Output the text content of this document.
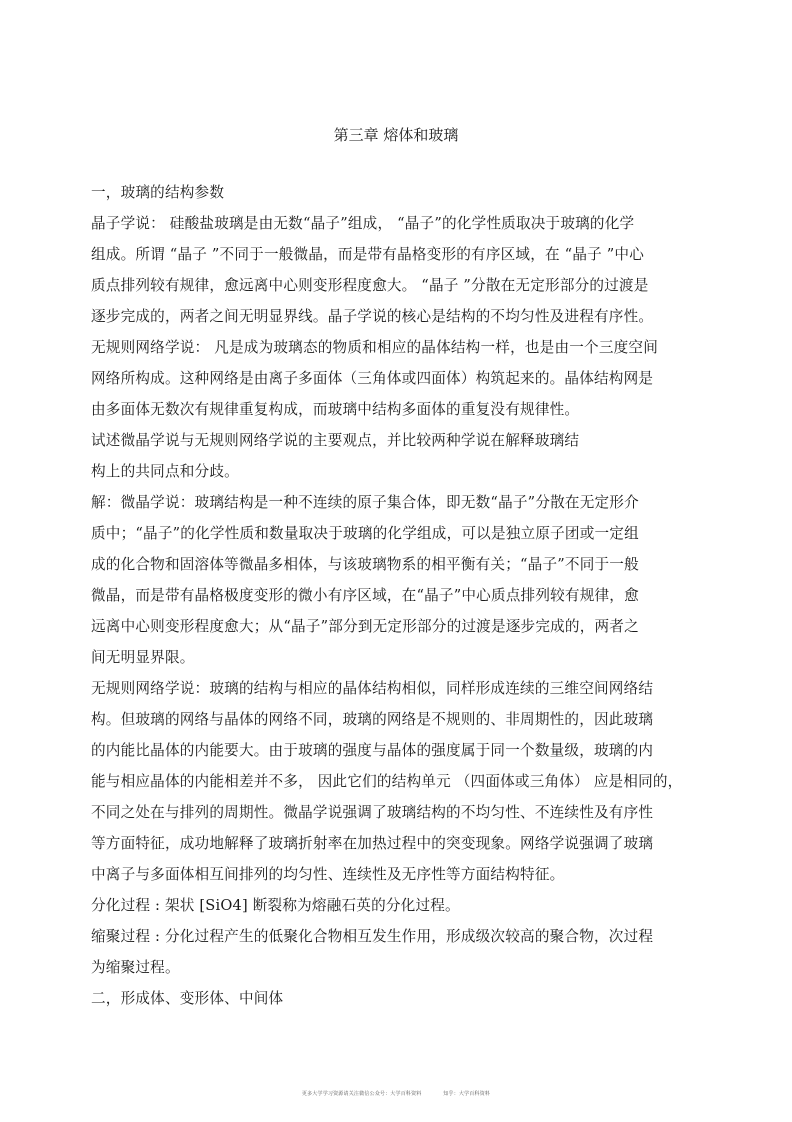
第三章 熔体和玻璃
一，玻璃的结构参数
晶子学说： 硅酸盐玻璃是由无数“晶子”组成， “晶子”的化学性质取决于玻璃的化学
组成。所谓 “晶子 ”不同于一般微晶，而是带有晶格变形的有序区域，在 “晶子 ”中心
质点排列较有规律，愈远离中心则变形程度愈大。 “晶子 ”分散在无定形部分的过渡是
逐步完成的，两者之间无明显界线。晶子学说的核心是结构的不均匀性及进程有序性。
无规则网络学说： 凡是成为玻璃态的物质和相应的晶体结构一样，也是由一个三度空间
网络所构成。这种网络是由离子多面体（三角体或四面体）构筑起来的。晶体结构网是
由多面体无数次有规律重复构成，而玻璃中结构多面体的重复没有规律性。
试述微晶学说与无规则网络学说的主要观点，并比较两种学说在解释玻璃结
构上的共同点和分歧。
解：微晶学说：玻璃结构是一种不连续的原子集合体，即无数“晶子”分散在无定形介
质中；“晶子”的化学性质和数量取决于玻璃的化学组成，可以是独立原子团或一定组
成的化合物和固溶体等微晶多相体，与该玻璃物系的相平衡有关；“晶子”不同于一般
微晶，而是带有晶格极度变形的微小有序区域，在“晶子”中心质点排列较有规律，愈
远离中心则变形程度愈大；从“晶子”部分到无定形部分的过渡是逐步完成的，两者之
间无明显界限。
无规则网络学说：玻璃的结构与相应的晶体结构相似，同样形成连续的三维空间网络结
构。但玻璃的网络与晶体的网络不同，玻璃的网络是不规则的、非周期性的，因此玻璃
的内能比晶体的内能要大。由于玻璃的强度与晶体的强度属于同一个数量级，玻璃的内
能与相应晶体的内能相差并不多， 因此它们的结构单元 （四面体或三角体） 应是相同的，
不同之处在与排列的周期性。微晶学说强调了玻璃结构的不均匀性、不连续性及有序性
等方面特征，成功地解释了玻璃折射率在加热过程中的突变现象。网络学说强调了玻璃
中离子与多面体相互间排列的均匀性、连续性及无序性等方面结构特征。
分化过程 : 架状 [SiO4] 断裂称为熔融石英的分化过程。
缩聚过程 : 分化过程产生的低聚化合物相互发生作用，形成级次较高的聚合物，次过程
为缩聚过程。
二，形成体、变形体、中间体
更多大学学习资源请关注微信公众号：大学百科资料	知乎：大学百科资料
